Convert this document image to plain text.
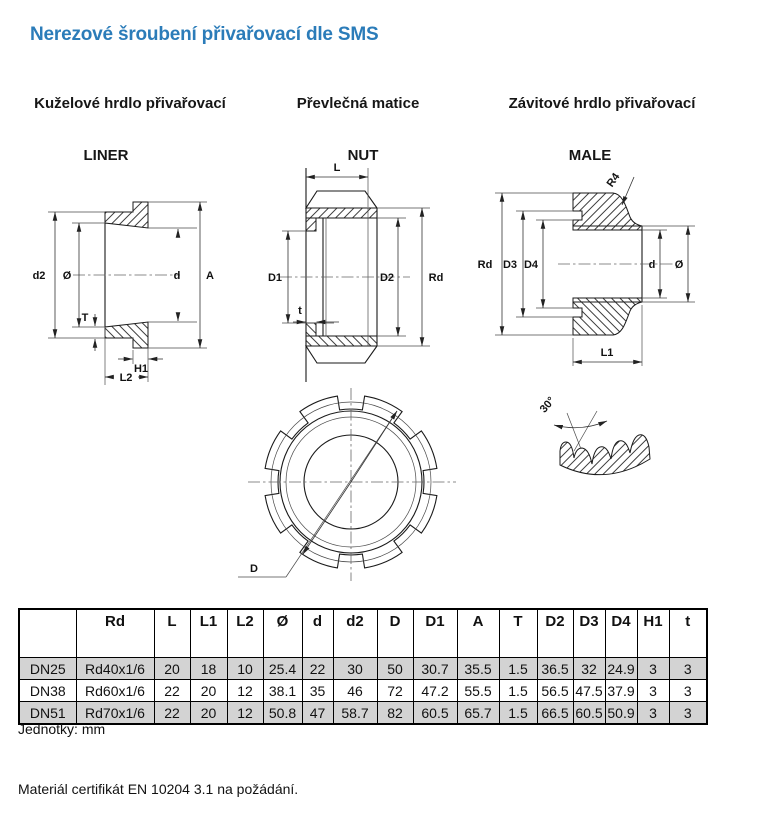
Nerezové šroubení přivařovací dle SMS
Kuželové hrdlo přivařovací	Převlečná matice	Závitové hrdlo přivařovací
LINER	NUT	MALE
d2 Ø
T
d A
H1
L2
L
D1
t
D2	Rd
Rd D3 D4
R4
d Ø
L1
D
30°
	Rd	L	L1	L2	Ø	d	d2	D	D1	A	T	D2	D3	D4	H1	t
DN25	Rd40x1/6	20	18	10	25.4	22	30	50	30.7	35.5	1.5	36.5	32	24.9	3	3
DN38	Rd60x1/6	22	20	12	38.1	35	46	72	47.2	55.5	1.5	56.5	47.5	37.9	3	3
DN51	Rd70x1/6	22	20	12	50.8	47	58.7	82	60.5	65.7	1.5	66.5	60.5	50.9	3	3
Jednotky: mm
Materiál certifikát EN 10204 3.1 na požádání.
